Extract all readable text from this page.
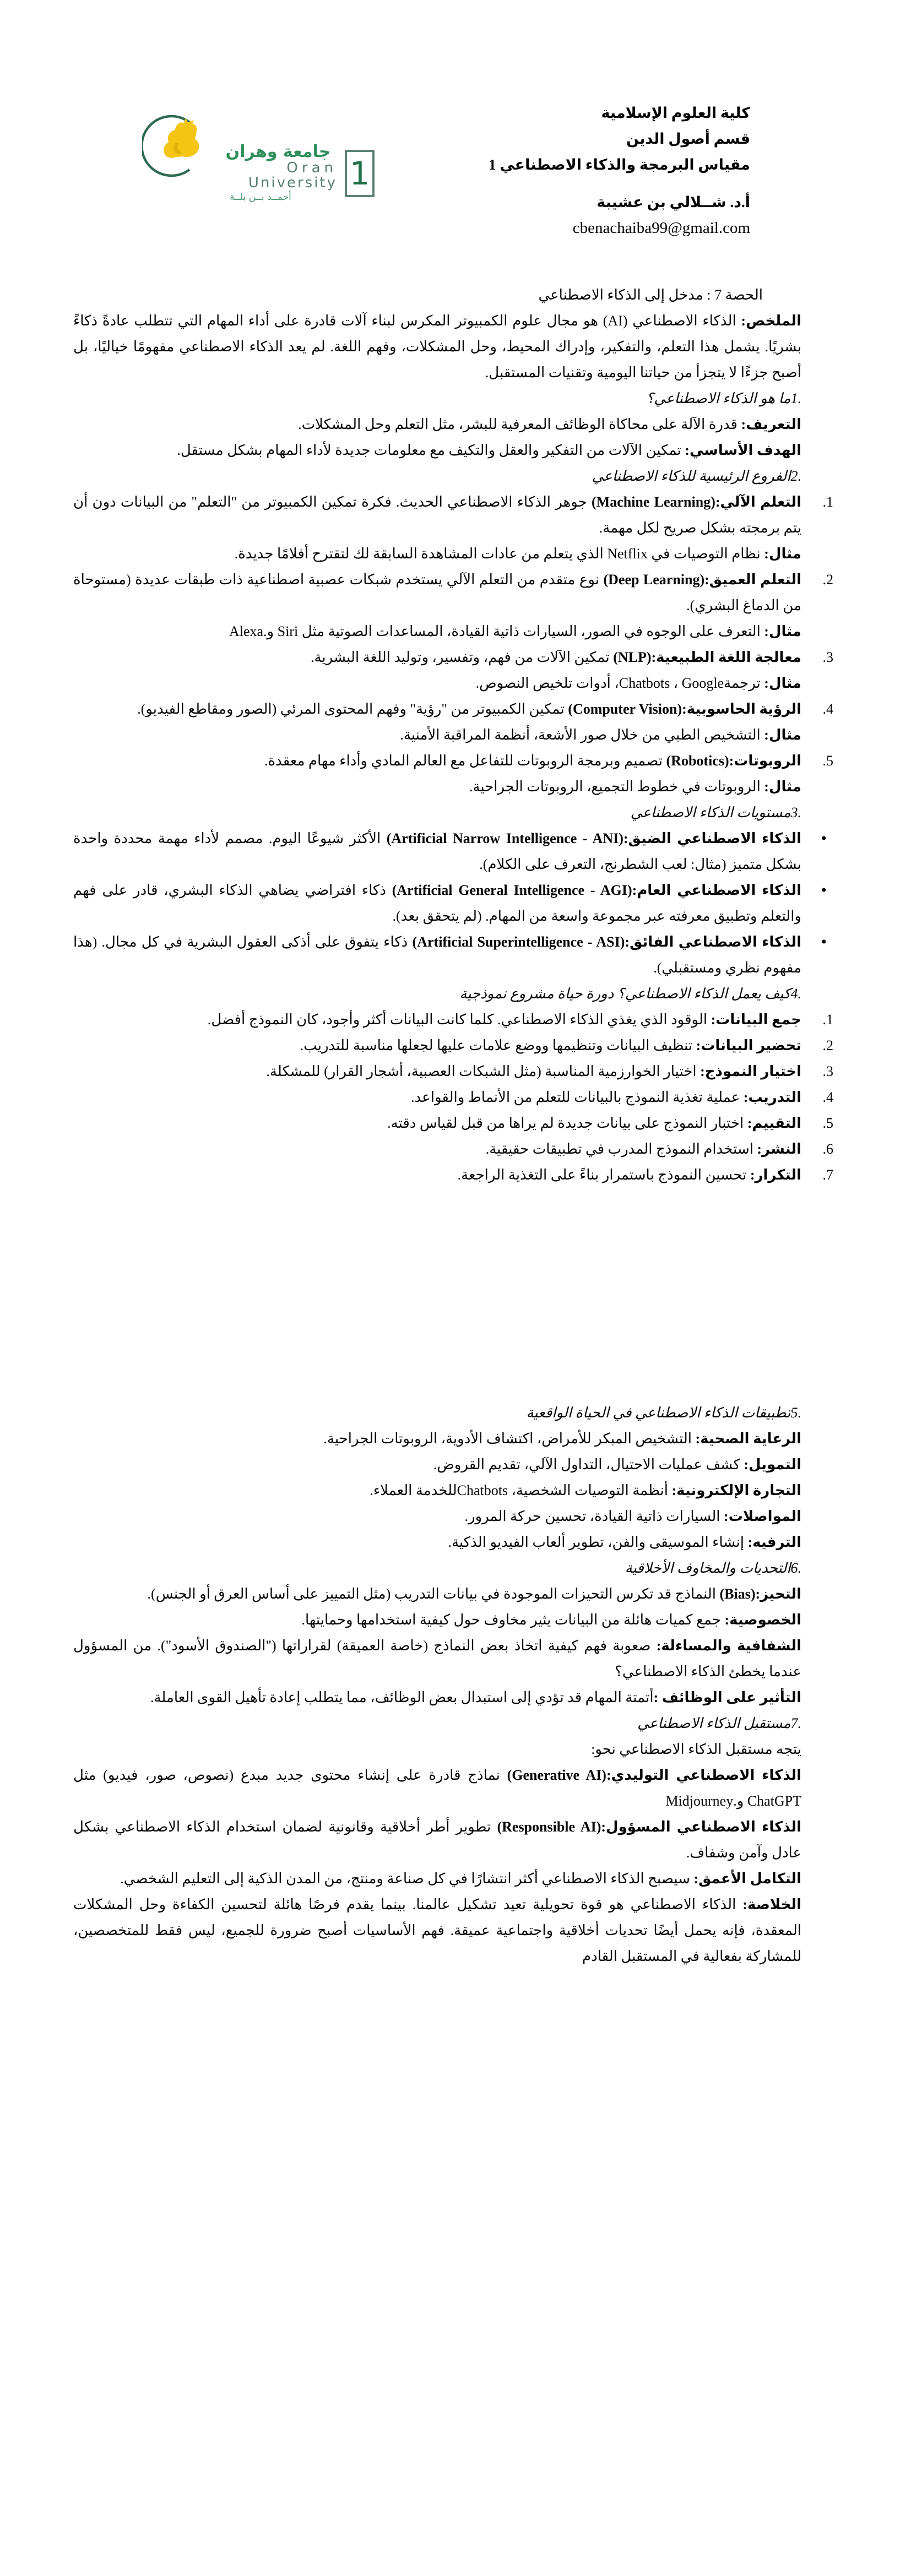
جامعة وهران
Oran
University
أحمــد بــن بلــة
1
كلية العلوم الإسلامية
قسم أصول الدين
مقياس البرمجة والذكاء الاصطناعي 1
أ.د. شــلالي بن عشيبة
cbenachaiba99@gmail.com
الحصة 7 : مدخل إلى الذكاء الاصطناعي
الملخص: الذكاء الاصطناعي (AI) هو مجال علوم الكمبيوتر المكرس لبناء آلات قادرة على أداء المهام التي تتطلب عادةً ذكاءً بشريًا. يشمل هذا التعلم، والتفكير، وإدراك المحيط، وحل المشكلات، وفهم اللغة. لم يعد الذكاء الاصطناعي مفهومًا خياليًا، بل أصبح جزءًا لا يتجزأ من حياتنا اليومية وتقنيات المستقبل.
.1ما هو الذكاء الاصطناعي؟
التعريف: قدرة الآلة على محاكاة الوظائف المعرفية للبشر، مثل التعلم وحل المشكلات.
الهدف الأساسي: تمكين الآلات من التفكير والعقل والتكيف مع معلومات جديدة لأداء المهام بشكل مستقل.
.2الفروع الرئيسية للذكاء الاصطناعي
.1
التعلم الآلي:(Machine Learning) جوهر الذكاء الاصطناعي الحديث. فكرة تمكين الكمبيوتر من "التعلم" من البيانات دون أن يتم برمجته بشكل صريح لكل مهمة.
مثال: نظام التوصيات في Netflix الذي يتعلم من عادات المشاهدة السابقة لك لتقترح أفلامًا جديدة.
.2
التعلم العميق:(Deep Learning) نوع متقدم من التعلم الآلي يستخدم شبكات عصبية اصطناعية ذات طبقات عديدة (مستوحاة من الدماغ البشري).
مثال: التعرف على الوجوه في الصور، السيارات ذاتية القيادة، المساعدات الصوتية مثل Siri و.Alexa
.3
معالجة اللغة الطبيعية:(NLP) تمكين الآلات من فهم، وتفسير، وتوليد اللغة البشرية.
مثال: ترجمةGoogle ،‏ Chatbots، أدوات تلخيص النصوص.
.4
الرؤية الحاسوبية:(Computer Vision) تمكين الكمبيوتر من "رؤية" وفهم المحتوى المرئي (الصور ومقاطع الفيديو).
مثال: التشخيص الطبي من خلال صور الأشعة، أنظمة المراقبة الأمنية.
.5
الروبوتات:(Robotics) تصميم وبرمجة الروبوتات للتفاعل مع العالم المادي وأداء مهام معقدة.
مثال: الروبوتات في خطوط التجميع، الروبوتات الجراحية.
.3مستويات الذكاء الاصطناعي
•
الذكاء الاصطناعي الضيق:(Artificial Narrow Intelligence - ANI) الأكثر شيوعًا اليوم. مصمم لأداء مهمة محددة واحدة بشكل متميز (مثال: لعب الشطرنج، التعرف على الكلام).
•
الذكاء الاصطناعي العام:(Artificial General Intelligence - AGI) ذكاء افتراضي يضاهي الذكاء البشري، قادر على فهم والتعلم وتطبيق معرفته عبر مجموعة واسعة من المهام. (لم يتحقق بعد).
•
الذكاء الاصطناعي الفائق:(Artificial Superintelligence - ASI) ذكاء يتفوق على أذكى العقول البشرية في كل مجال. (هذا مفهوم نظري ومستقبلي).
.4كيف يعمل الذكاء الاصطناعي؟ دورة حياة مشروع نموذجية
.1
جمع البيانات: الوقود الذي يغذي الذكاء الاصطناعي. كلما كانت البيانات أكثر وأجود، كان النموذج أفضل.
.2
تحضير البيانات: تنظيف البيانات وتنظيمها ووضع علامات عليها لجعلها مناسبة للتدريب.
.3
اختيار النموذج: اختيار الخوارزمية المناسبة (مثل الشبكات العصبية، أشجار القرار) للمشكلة.
.4
التدريب: عملية تغذية النموذج بالبيانات للتعلم من الأنماط والقواعد.
.5
التقييم: اختبار النموذج على بيانات جديدة لم يراها من قبل لقياس دقته.
.6
النشر: استخدام النموذج المدرب في تطبيقات حقيقية.
.7
التكرار: تحسين النموذج باستمرار بناءً على التغذية الراجعة.
.5تطبيقات الذكاء الاصطناعي في الحياة الواقعية
الرعاية الصحية: التشخيص المبكر للأمراض، اكتشاف الأدوية، الروبوتات الجراحية.
التمويل: كشف عمليات الاحتيال، التداول الآلي، تقديم القروض.
التجارة الإلكترونية: أنظمة التوصيات الشخصية، Chatbotsللخدمة العملاء.
المواصلات: السيارات ذاتية القيادة، تحسين حركة المرور.
الترفيه: إنشاء الموسيقى والفن، تطوير ألعاب الفيديو الذكية.
.6التحديات والمخاوف الأخلاقية
التحيز:(Bias) النماذج قد تكرس التحيزات الموجودة في بيانات التدريب (مثل التمييز على أساس العرق أو الجنس).
الخصوصية: جمع كميات هائلة من البيانات يثير مخاوف حول كيفية استخدامها وحمايتها.
الشفافية والمساءلة: صعوبة فهم كيفية اتخاذ بعض النماذج (خاصة العميقة) لقراراتها ("الصندوق الأسود"). من المسؤول عندما يخطئ الذكاء الاصطناعي؟
التأثير على الوظائف :أتمتة المهام قد تؤدي إلى استبدال بعض الوظائف، مما يتطلب إعادة تأهيل القوى العاملة.
.7مستقبل الذكاء الاصطناعي
يتجه مستقبل الذكاء الاصطناعي نحو:
الذكاء الاصطناعي التوليدي:(Generative AI) نماذج قادرة على إنشاء محتوى جديد مبدع (نصوص، صور، فيديو) مثل ChatGPT و.Midjourney
الذكاء الاصطناعي المسؤول:(Responsible AI) تطوير أطر أخلاقية وقانونية لضمان استخدام الذكاء الاصطناعي بشكل عادل وآمن وشفاف.
التكامل الأعمق: سيصبح الذكاء الاصطناعي أكثر انتشارًا في كل صناعة ومنتج، من المدن الذكية إلى التعليم الشخصي.
الخلاصة: الذكاء الاصطناعي هو قوة تحويلية تعيد تشكيل عالمنا. بينما يقدم فرصًا هائلة لتحسين الكفاءة وحل المشكلات المعقدة، فإنه يحمل أيضًا تحديات أخلاقية واجتماعية عميقة. فهم الأساسيات أصبح ضرورة للجميع، ليس فقط للمتخصصين، للمشاركة بفعالية في المستقبل القادم
